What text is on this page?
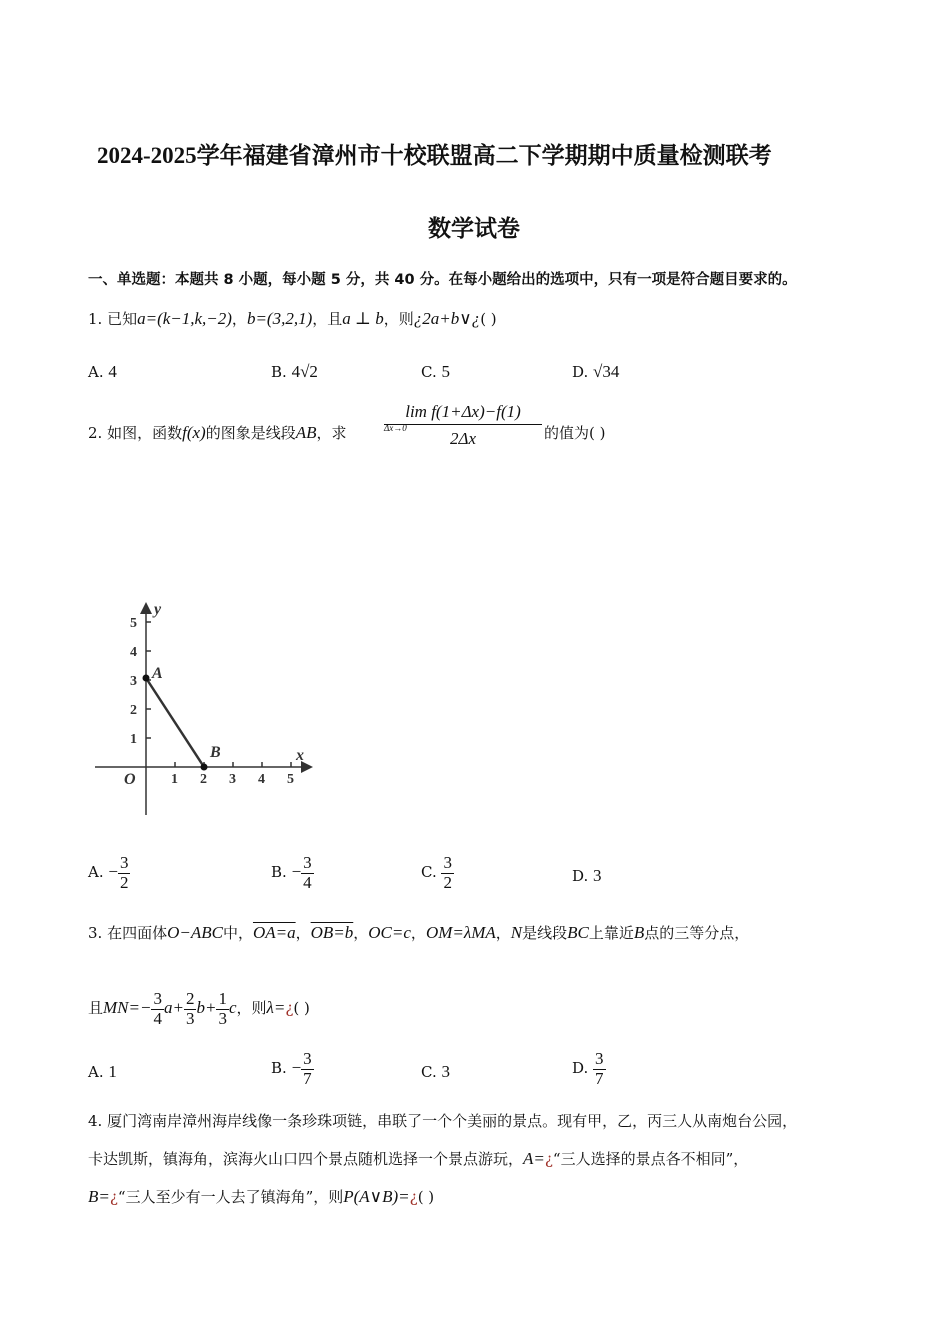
2024-2025学年福建省漳州市十校联盟高二下学期期中质量检测联考
数学试卷
一、单选题：本题共 8 小题，每小题 5 分，共 40 分。在每小题给出的选项中，只有一项是符合题目要求的。
1. 已知a=(k−1,k,−2)，b=(3,2,1)，且a ⊥ b，则¿2a+b∨¿( )
A. 4	B. 4√2	C. 5	D. √34
2. 如图，函数f(x)的图象是线段AB，求 $\frac{\text{lim f(1+Δx)−f(1)}}{2\Delta x}$
Δx→0	的值为( )
1
2
3
4
5
1 2 3 4 5
O
x
y
A
B
A. − $\frac{3}{2}$	B. − $\frac{3}{4}$	C. $\frac{3}{2}$	D. 3
3. 在四面体O−ABC中，OA=a，OB=b，OC=c，OM=λMA，N是线段BC上靠近B点的三等分点，
且$MN=- \frac{3}{4} a+ \frac{2}{3} b+ \frac{1}{3}$ c，则λ=¿( )
A. 1	B. − $\frac{3}{7}$	C. 3	D. $\frac{3}{7}$
4. 厦门湾南岸漳州海岸线像一条珍珠项链，串联了一个个美丽的景点。现有甲，乙，丙三人从南炮台公园，
卡达凯斯，镇海角，滨海火山口四个景点随机选择一个景点游玩，A=¿“三人选择的景点各不相同”，
B=¿“三人至少有一人去了镇海角”，则P(A∨B)=¿( )
